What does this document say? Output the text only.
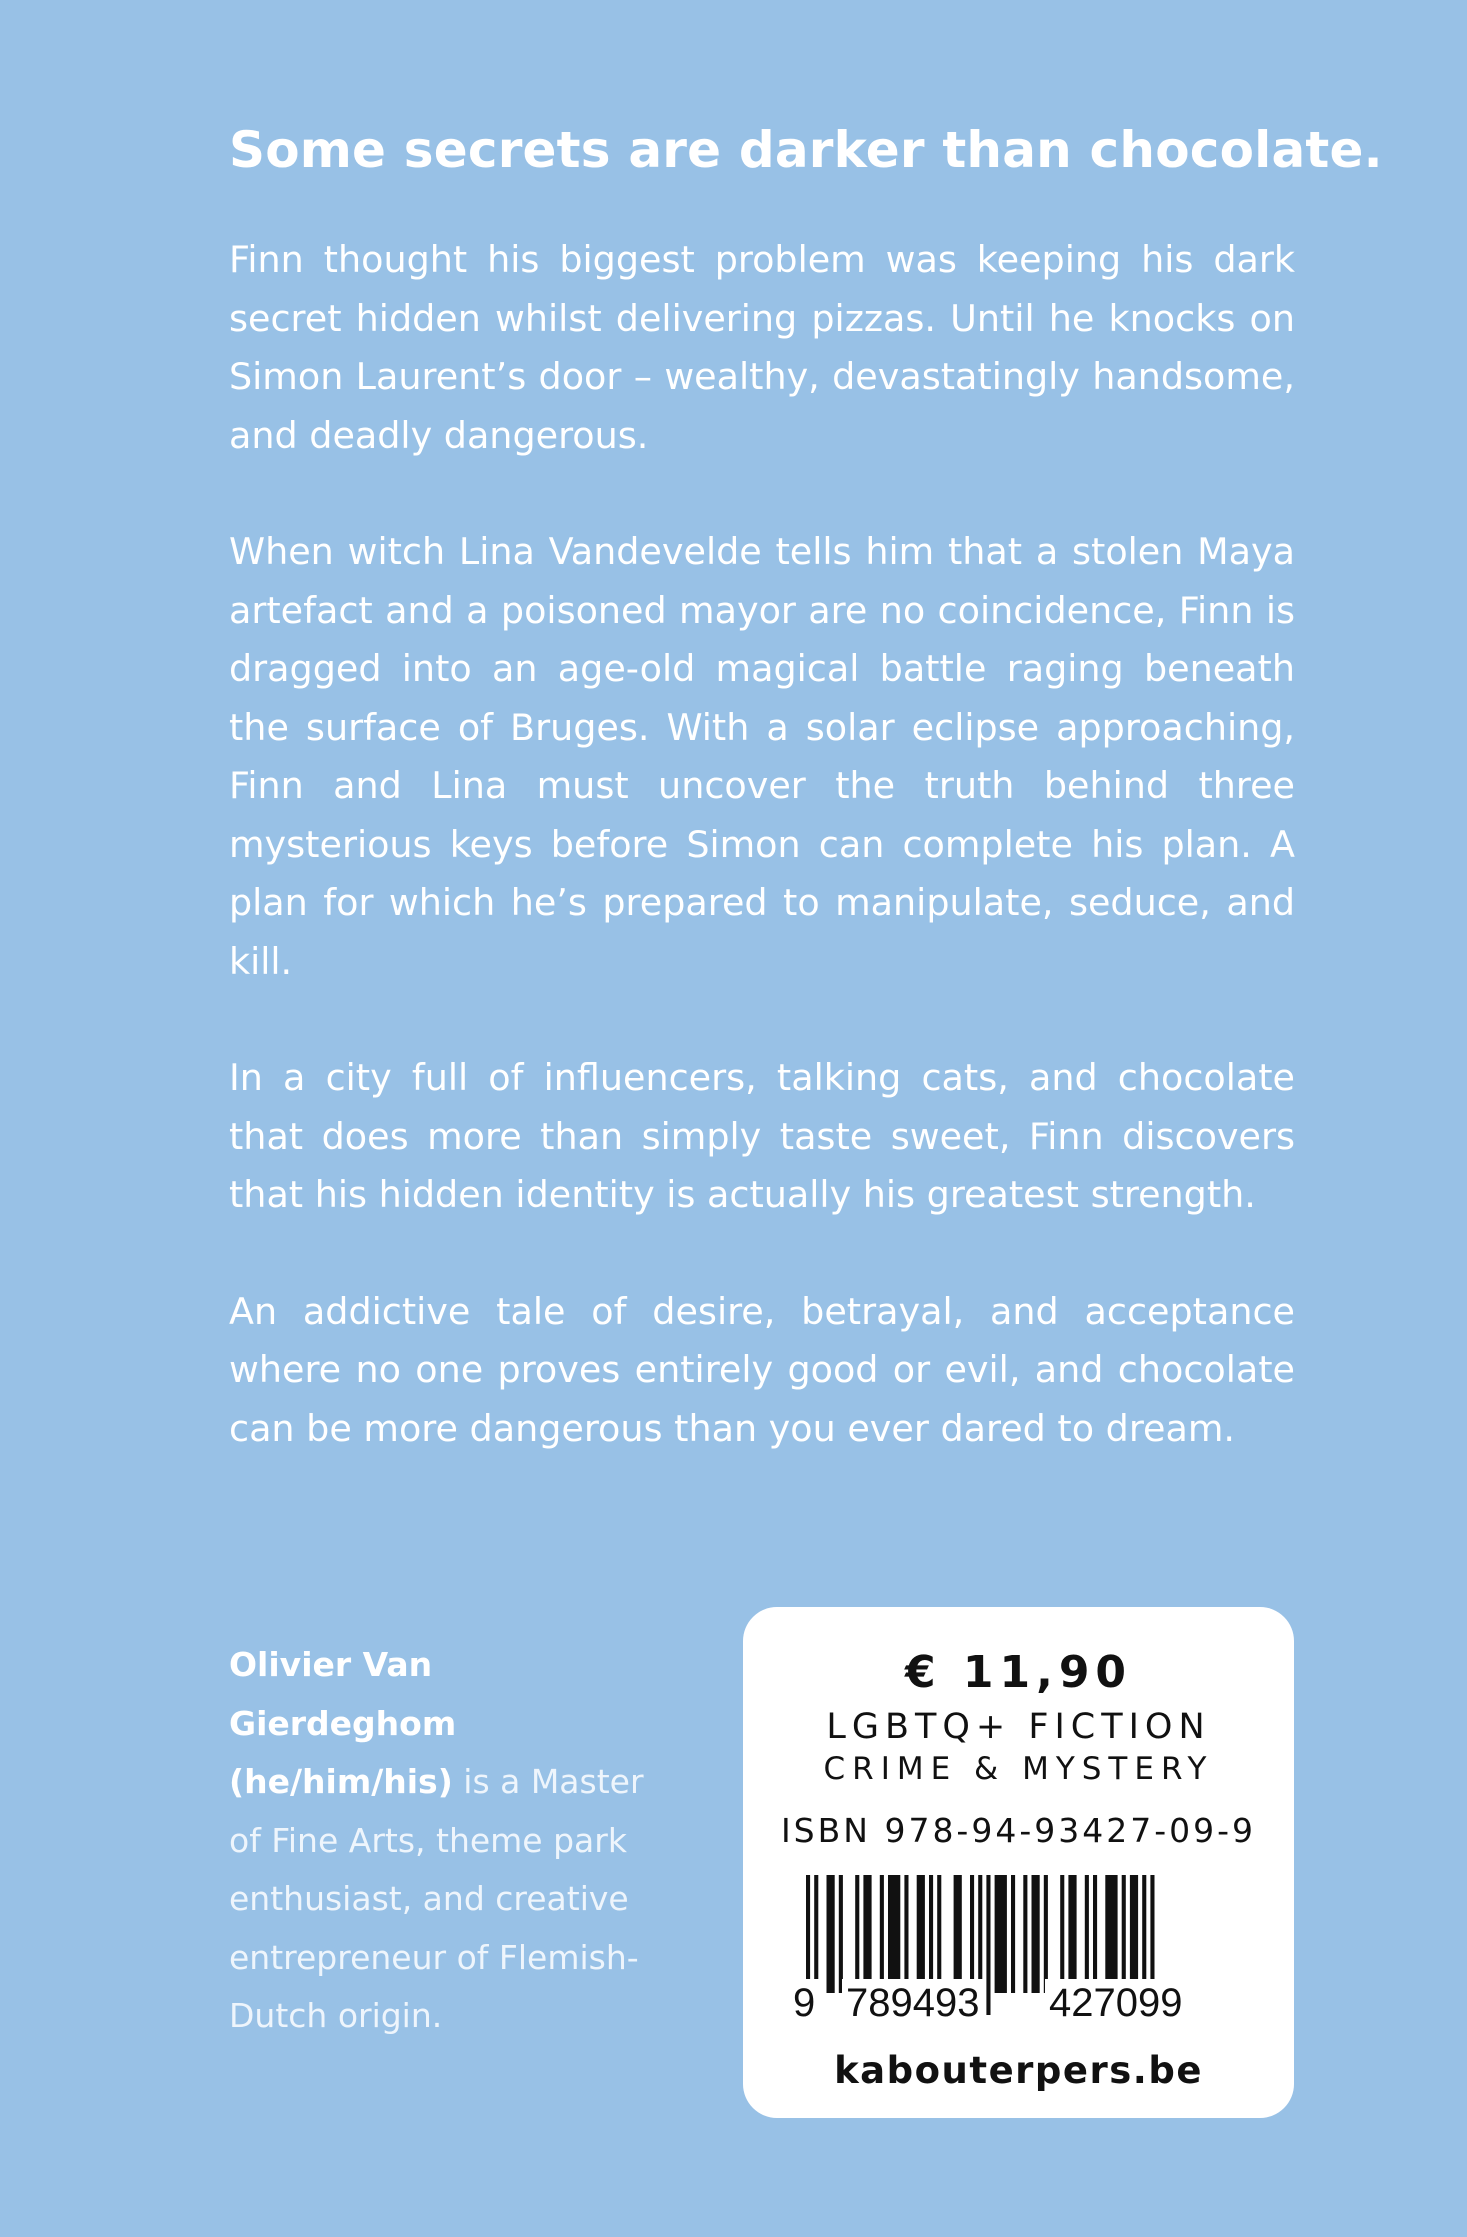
Some secrets are darker than chocolate.

Finn thought his biggest problem was keeping his dark secret hidden whilst delivering pizzas. Until he knocks on Simon Laurent’s door – wealthy, devastatingly handsome, and deadly dangerous.

When witch Lina Vandevelde tells him that a stolen Maya artefact and a poisoned mayor are no coincidence, Finn is dragged into an age-old magical battle raging beneath the surface of Bruges. With a solar eclipse approaching, Finn and Lina must uncover the truth behind three mysterious keys before Simon can complete his plan. A plan for which he’s prepared to manipulate, seduce, and kill.

In a city full of influencers, talking cats, and chocolate that does more than simply taste sweet, Finn discovers that his hidden identity is actually his greatest strength.

An addictive tale of desire, betrayal, and acceptance where no one proves entirely good or evil, and chocolate can be more dangerous than you ever dared to dream.

Olivier Van Gierdeghom
(he/him/his) is a Master of Fine Arts, theme park enthusiast, and creative entrepreneur of Flemish-Dutch origin.

€ 11,90
LGBTQ+ FICTION
CRIME & MYSTERY
ISBN 978-94-93427-09-9
9 789493 427099
kabouterpers.be
